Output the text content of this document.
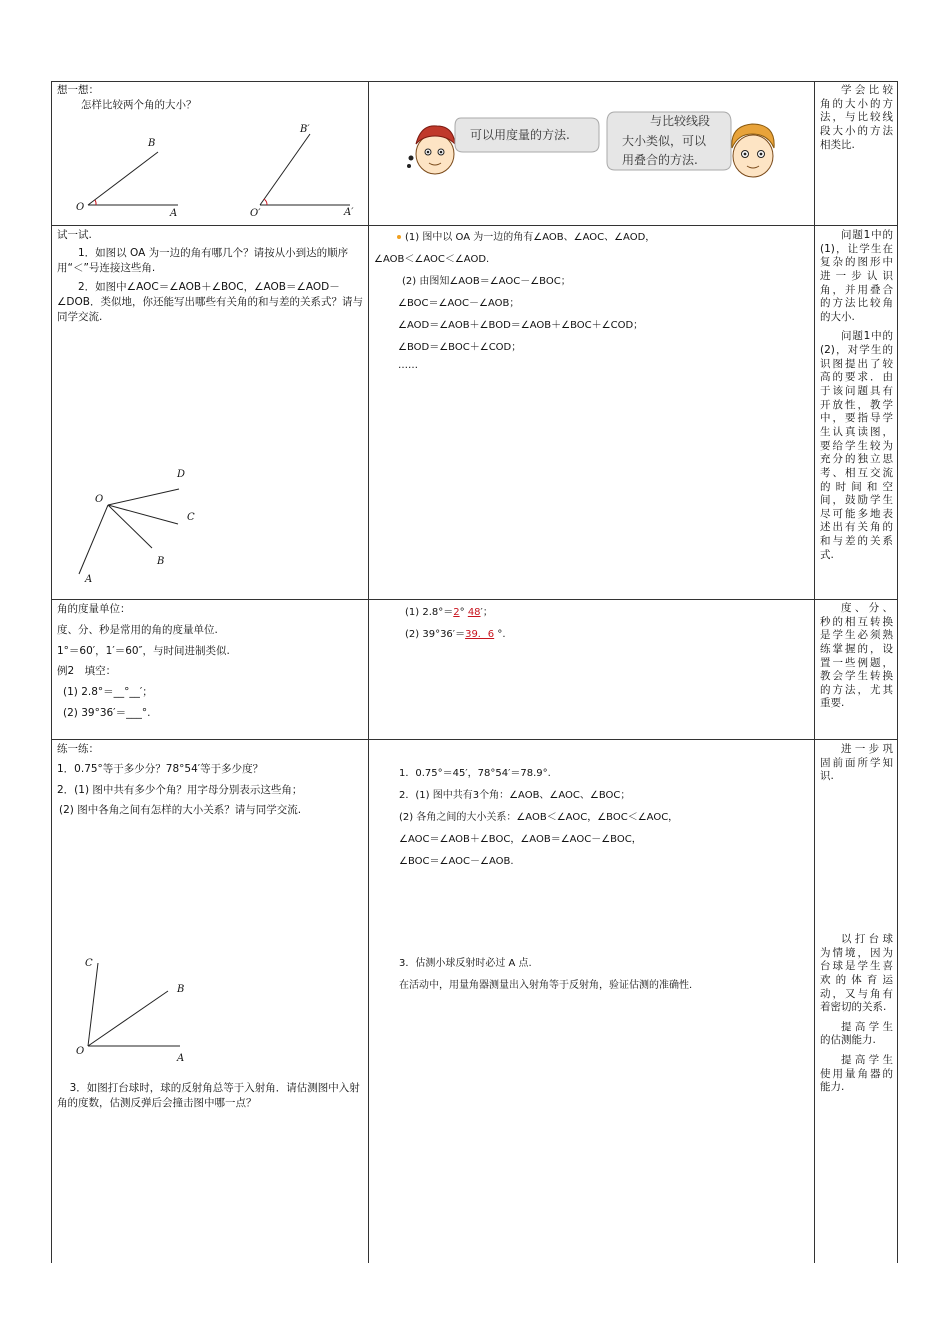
想一想：

怎样比较两个角的大小？

O
A
B
O′	A′
B′	可以用度量的方法.
与比较线段
大小类似，可以
用叠合的方法.

学会比较角的大小的方法，与比较线段大小的方法相类比.

试一试.

1．如图以 OA 为一边的角有哪几个？请按从小到达的顺序用“＜”号连接这些角.

2．如图中∠AOC＝∠AOB＋∠BOC，∠AOB＝∠AOD－∠DOB．类似地，你还能写出哪些有关角的和与差的关系式？请与同学交流.

O
A
B
C
D
(1) 图中以 OA 为一边的角有∠AOB、∠AOC、∠AOD，
∠AOB＜∠AOC＜∠AOD.
(2) 由图知∠AOB＝∠AOC－∠BOC；
∠BOC＝∠AOC－∠AOB；
∠AOD＝∠AOB＋∠BOD＝∠AOB＋∠BOC＋∠COD；
∠BOD＝∠BOC＋∠COD；
……

问题1中的(1)，让学生在复杂的图形中进一步认识角，并用叠合的方法比较角的大小.

问题1中的(2)，对学生的识图提出了较高的要求．由于该问题具有开放性，教学中，要指导学生认真读图，要给学生较为充分的独立思考、相互交流的时间和空间，鼓励学生尽可能多地表述出有关角的和与差的关系式.

角的度量单位：

度、分、秒是常用的角的度量单位.

1°＝60′，1′＝60″，与时间进制类似.

例2　填空：

(1) 2.8°＝__°__′；

(2) 39°36′＝___°.

(1) 2.8°＝2° 48′；
(2) 39°36′＝39．6 °.

度、分、秒的相互转换是学生必须熟练掌握的，设置一些例题，教会学生转换的方法，尤其重要.

练一练：

1．0.75°等于多少分？78°54′等于多少度？

2．(1) 图中共有多少个角？用字母分别表示这些角；

(2) 图中各角之间有怎样的大小关系？请与同学交流.

O
A
B
C

3．如图打台球时，球的反射角总等于入射角．请估测图中入射角的度数，估测反弹后会撞击图中哪一点？

1．0.75°＝45′，78°54′＝78.9°.
2．(1) 图中共有3个角：∠AOB、∠AOC、∠BOC；
(2) 各角之间的大小关系：∠AOB＜∠AOC，∠BOC＜∠AOC，
∠AOC＝∠AOB＋∠BOC，∠AOB＝∠AOC－∠BOC，
∠BOC＝∠AOC－∠AOB.
3．估测小球反射时必过 A 点.
在活动中，用量角器测量出入射角等于反射角，验证估测的准确性.

进一步巩固前面所学知识.

以打台球为情境，因为台球是学生喜欢的体育运动，又与角有着密切的关系.

提高学生的估测能力.

提高学生使用量角器的能力.
